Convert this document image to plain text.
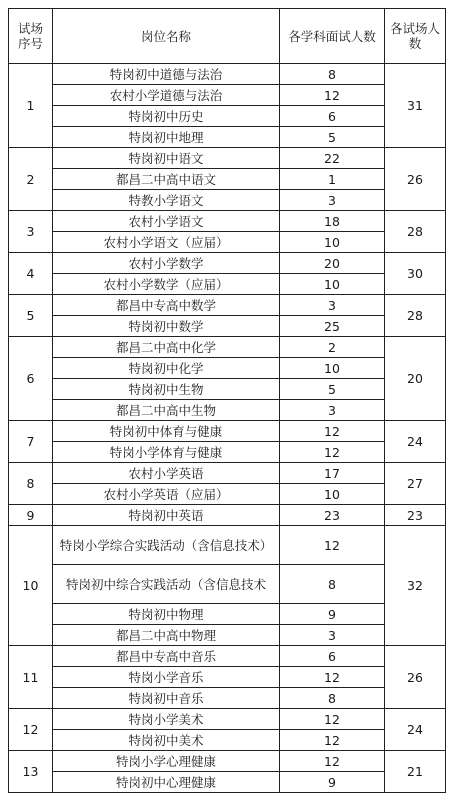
试场序号	岗位名称	各学科面试人数	各试场人数
1	特岗初中道德与法治	8	31
	农村小学道德与法治	12	
	特岗初中历史	6	
	特岗初中地理	5	
2	特岗初中语文	22	26
	都昌二中高中语文	1	
	特教小学语文	3	
3	农村小学语文	18	28
	农村小学语文（应届）	10	
4	农村小学数学	20	30
	农村小学数学（应届）	10	
5	都昌中专高中数学	3	28
	特岗初中数学	25	
6	都昌二中高中化学	2	20
	特岗初中化学	10	
	特岗初中生物	5	
	都昌二中高中生物	3	
7	特岗初中体育与健康	12	24
	特岗小学体育与健康	12	
8	农村小学英语	17	27
	农村小学英语（应届）	10	
9	特岗初中英语	23	23
10	特岗小学综合实践活动（含信息技术）	12	32
	特岗初中综合实践活动（含信息技术	8	
	特岗初中物理	9	
	都昌二中高中物理	3	
11	都昌中专高中音乐	6	26
	特岗小学音乐	12	
	特岗初中音乐	8	
12	特岗小学美术	12	24
	特岗初中美术	12	
13	特岗小学心理健康	12	21
	特岗初中心理健康	9	
